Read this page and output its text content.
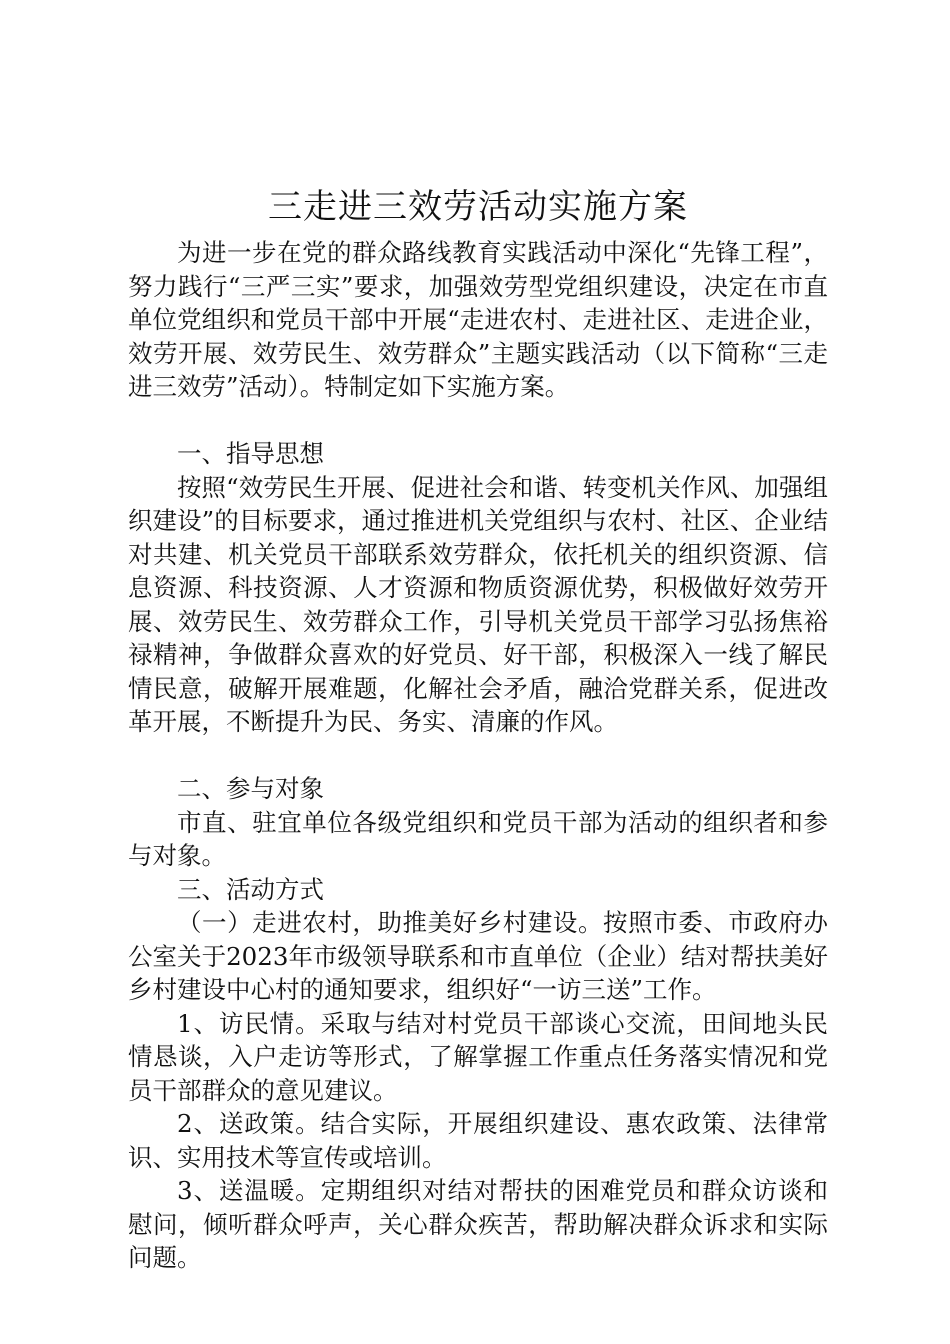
三走进三效劳活动实施方案

为进一步在党的群众路线教育实践活动中深化“先锋工程”，努力践行“三严三实”要求，加强效劳型党组织建设，决定在市直单位党组织和党员干部中开展“走进农村、走进社区、走进企业，效劳开展、效劳民生、效劳群众”主题实践活动（以下简称“三走进三效劳”活动）。特制定如下实施方案。

一、指导思想

按照“效劳民生开展、促进社会和谐、转变机关作风、加强组织建设”的目标要求，通过推进机关党组织与农村、社区、企业结对共建、机关党员干部联系效劳群众，依托机关的组织资源、信息资源、科技资源、人才资源和物质资源优势，积极做好效劳开展、效劳民生、效劳群众工作，引导机关党员干部学习弘扬焦裕禄精神，争做群众喜欢的好党员、好干部，积极深入一线了解民情民意，破解开展难题，化解社会矛盾，融洽党群关系，促进改革开展，不断提升为民、务实、清廉的作风。

二、参与对象

市直、驻宜单位各级党组织和党员干部为活动的组织者和参与对象。

三、活动方式

（一）走进农村，助推美好乡村建设。按照市委、市政府办公室关于2023年市级领导联系和市直单位（企业）结对帮扶美好乡村建设中心村的通知要求，组织好“一访三送”工作。

1、访民情。采取与结对村党员干部谈心交流，田间地头民情恳谈，入户走访等形式，了解掌握工作重点任务落实情况和党员干部群众的意见建议。

2、送政策。结合实际，开展组织建设、惠农政策、法律常识、实用技术等宣传或培训。

3、送温暖。定期组织对结对帮扶的困难党员和群众访谈和慰问，倾听群众呼声，关心群众疾苦，帮助解决群众诉求和实际问题。
